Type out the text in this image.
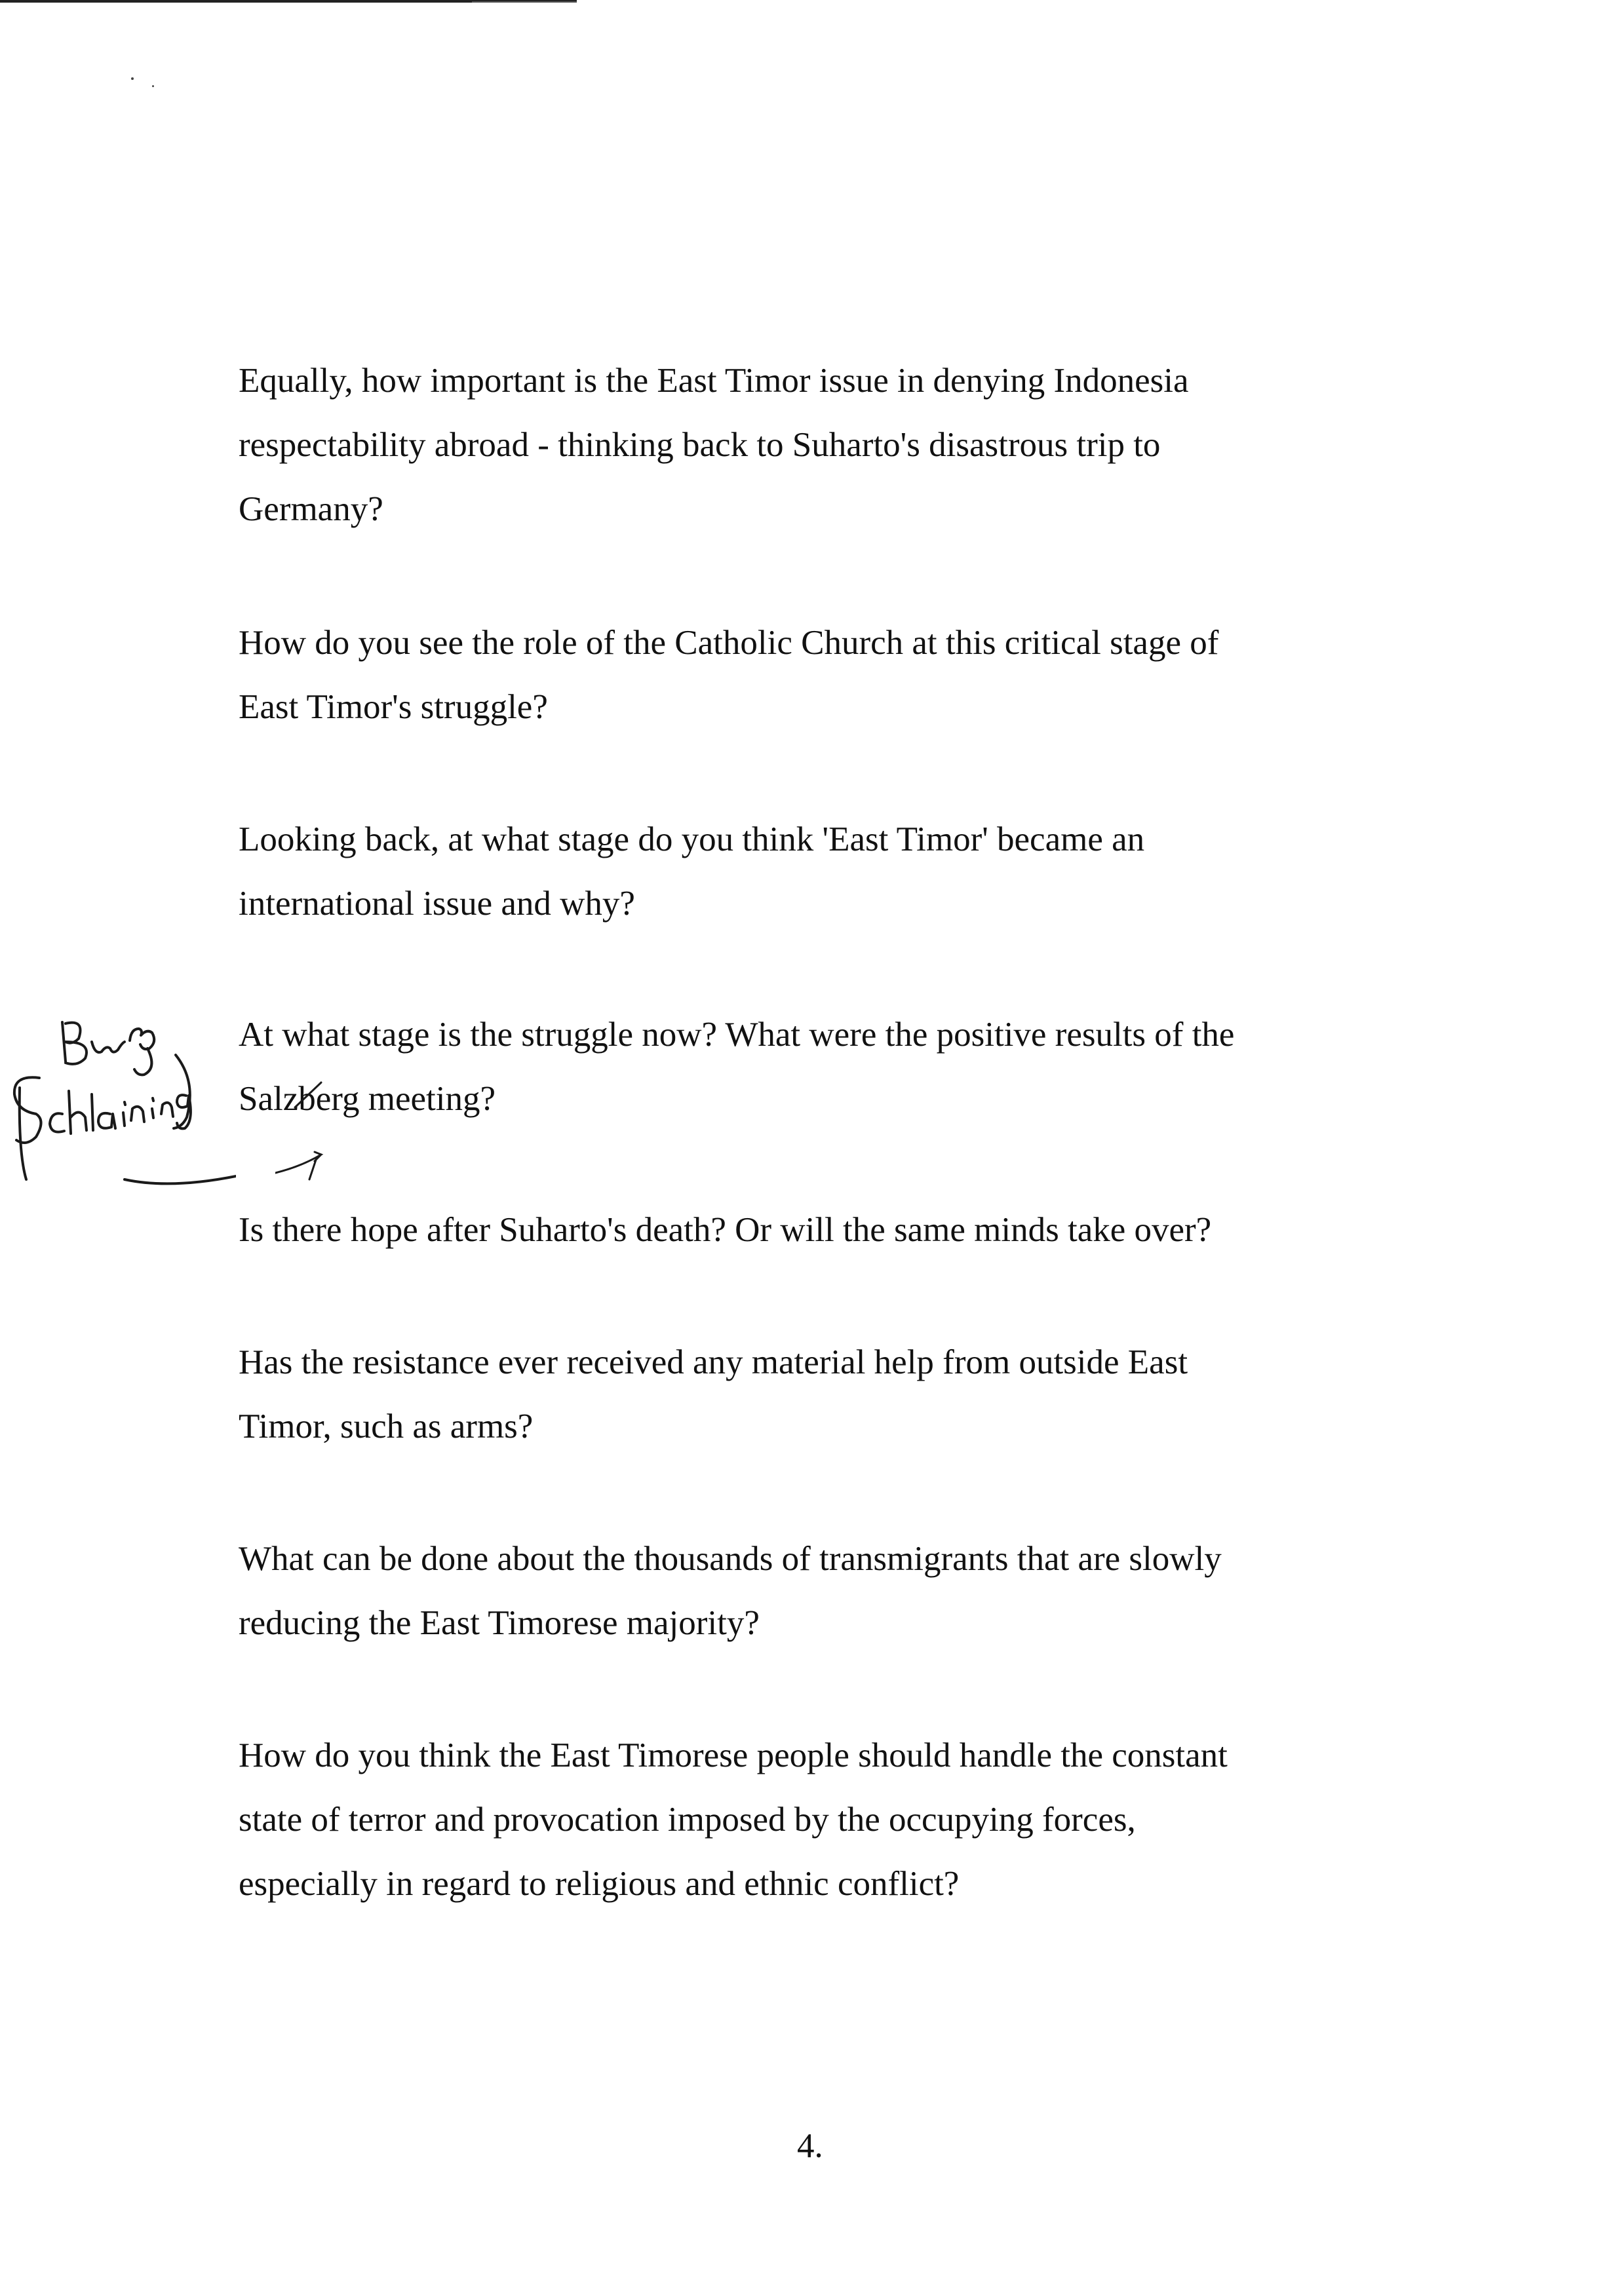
Equally, how important is the East Timor issue in denying Indonesia
respectability abroad - thinking back to Suharto's disastrous trip to
Germany?

How do you see the role of the Catholic Church at this critical stage of
East Timor's struggle?

Looking back, at what stage do you think 'East Timor' became an
international issue and why?

At what stage is the struggle now? What were the positive results of the
Salzberg meeting?

Is there hope after Suharto's death? Or will the same minds take over?

Has the resistance ever received any material help from outside East
Timor, such as arms?

What can be done about the thousands of transmigrants that are slowly
reducing the East Timorese majority?

How do you think the East Timorese people should handle the constant
state of terror and provocation imposed by the occupying forces,
especially in regard to religious and ethnic conflict?

4.
